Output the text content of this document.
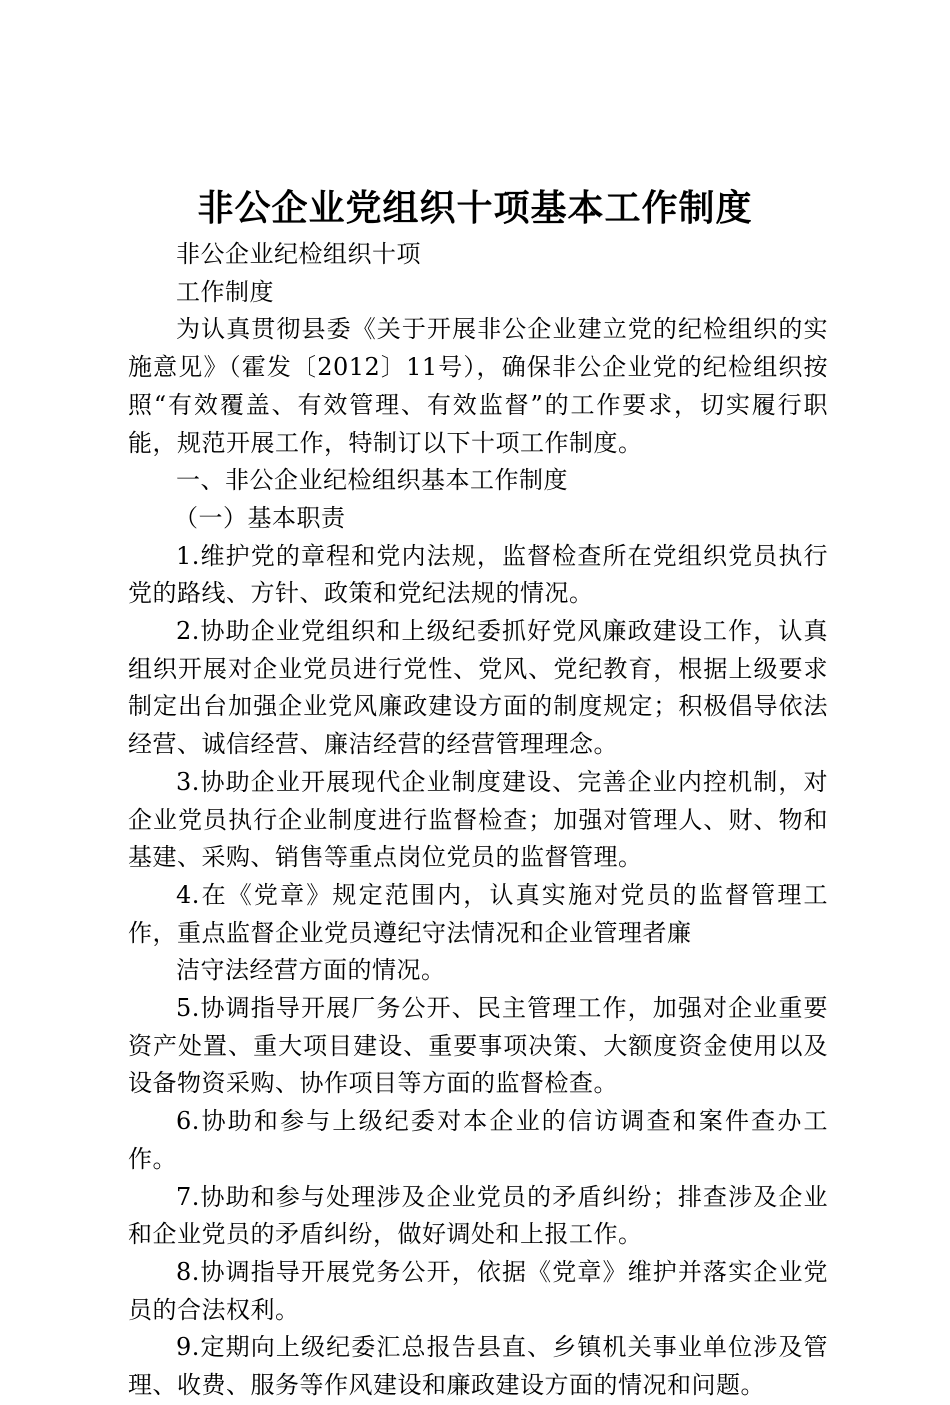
非公企业党组织十项基本工作制度

非公企业纪检组织十项

工作制度

为认真贯彻县委《关于开展非公企业建立党的纪检组织的实施意见》（霍发〔2012〕11号），确保非公企业党的纪检组织按照“有效覆盖、有效管理、有效监督”的工作要求，切实履行职能，规范开展工作，特制订以下十项工作制度。

一、非公企业纪检组织基本工作制度

（一）基本职责

1.维护党的章程和党内法规，监督检查所在党组织党员执行党的路线、方针、政策和党纪法规的情况。

2.协助企业党组织和上级纪委抓好党风廉政建设工作，认真组织开展对企业党员进行党性、党风、党纪教育，根据上级要求制定出台加强企业党风廉政建设方面的制度规定；积极倡导依法经营、诚信经营、廉洁经营的经营管理理念。

3.协助企业开展现代企业制度建设、完善企业内控机制，对企业党员执行企业制度进行监督检查；加强对管理人、财、物和基建、采购、销售等重点岗位党员的监督管理。

4.在《党章》规定范围内，认真实施对党员的监督管理工作，重点监督企业党员遵纪守法情况和企业管理者廉

洁守法经营方面的情况。

5.协调指导开展厂务公开、民主管理工作，加强对企业重要资产处置、重大项目建设、重要事项决策、大额度资金使用以及设备物资采购、协作项目等方面的监督检查。

6.协助和参与上级纪委对本企业的信访调查和案件查办工作。

7.协助和参与处理涉及企业党员的矛盾纠纷；排查涉及企业和企业党员的矛盾纠纷，做好调处和上报工作。

8.协调指导开展党务公开，依据《党章》维护并落实企业党员的合法权利。

9.定期向上级纪委汇总报告县直、乡镇机关事业单位涉及管理、收费、服务等作风建设和廉政建设方面的情况和问题。
